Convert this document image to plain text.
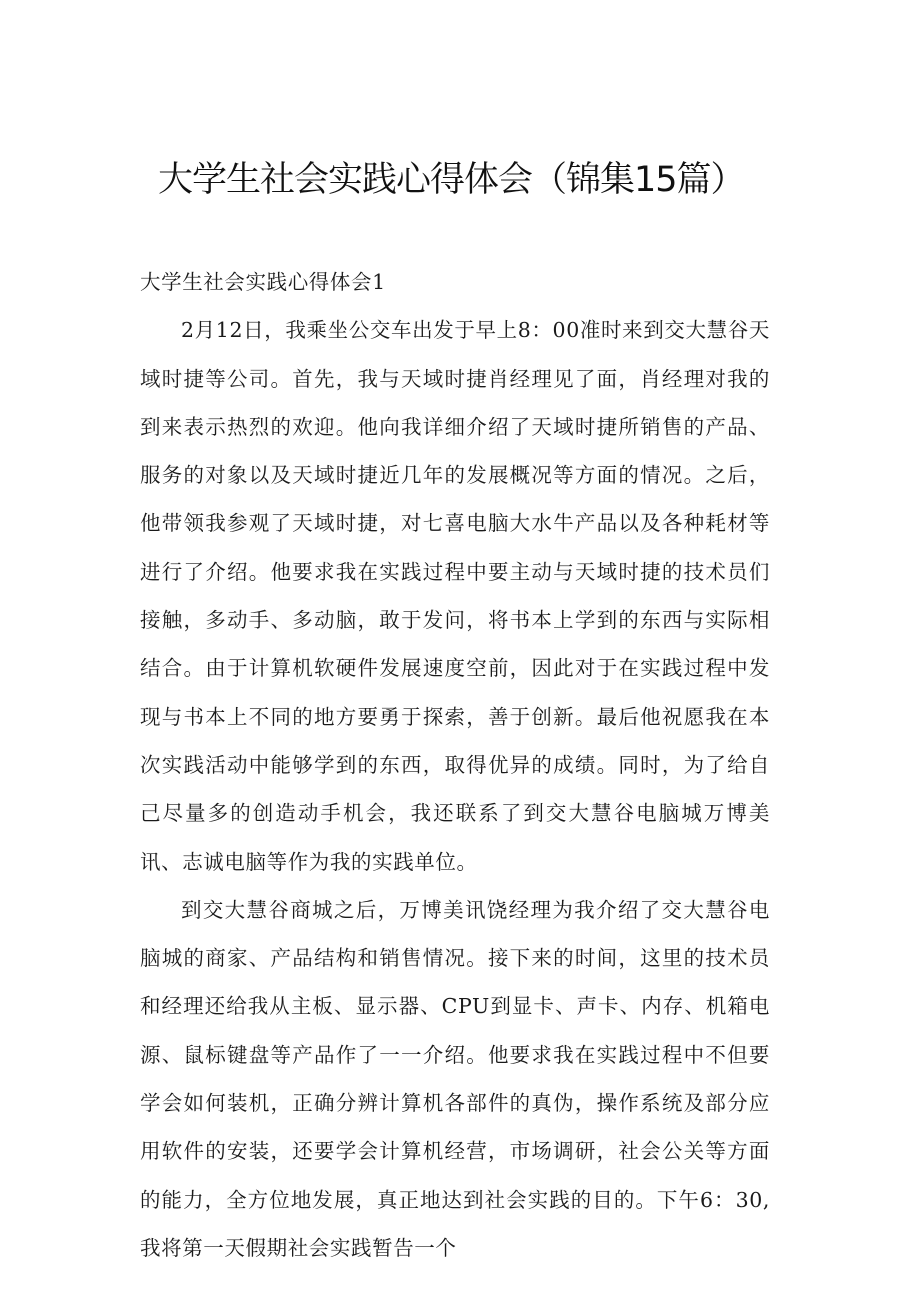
大学生社会实践心得体会（锦集15篇）
大学生社会实践心得体会1

2月12日，我乘坐公交车出发于早上8：00准时来到交大慧谷天域时捷等公司。首先，我与天域时捷肖经理见了面，肖经理对我的到来表示热烈的欢迎。他向我详细介绍了天域时捷所销售的产品、服务的对象以及天域时捷近几年的发展概况等方面的情况。之后，他带领我参观了天域时捷，对七喜电脑大水牛产品以及各种耗材等进行了介绍。他要求我在实践过程中要主动与天域时捷的技术员们接触，多动手、多动脑，敢于发问，将书本上学到的东西与实际相结合。由于计算机软硬件发展速度空前，因此对于在实践过程中发现与书本上不同的地方要勇于探索，善于创新。最后他祝愿我在本次实践活动中能够学到的东西，取得优异的成绩。同时，为了给自己尽量多的创造动手机会，我还联系了到交大慧谷电脑城万博美讯、志诚电脑等作为我的实践单位。

到交大慧谷商城之后，万博美讯饶经理为我介绍了交大慧谷电脑城的商家、产品结构和销售情况。接下来的时间，这里的技术员和经理还给我从主板、显示器、CPU到显卡、声卡、内存、机箱电源、鼠标键盘等产品作了一一介绍。他要求我在实践过程中不但要学会如何装机，正确分辨计算机各部件的真伪，操作系统及部分应用软件的安装，还要学会计算机经营，市场调研，社会公关等方面的能力，全方位地发展，真正地达到社会实践的目的。下午6：30,我将第一天假期社会实践暂告一个
